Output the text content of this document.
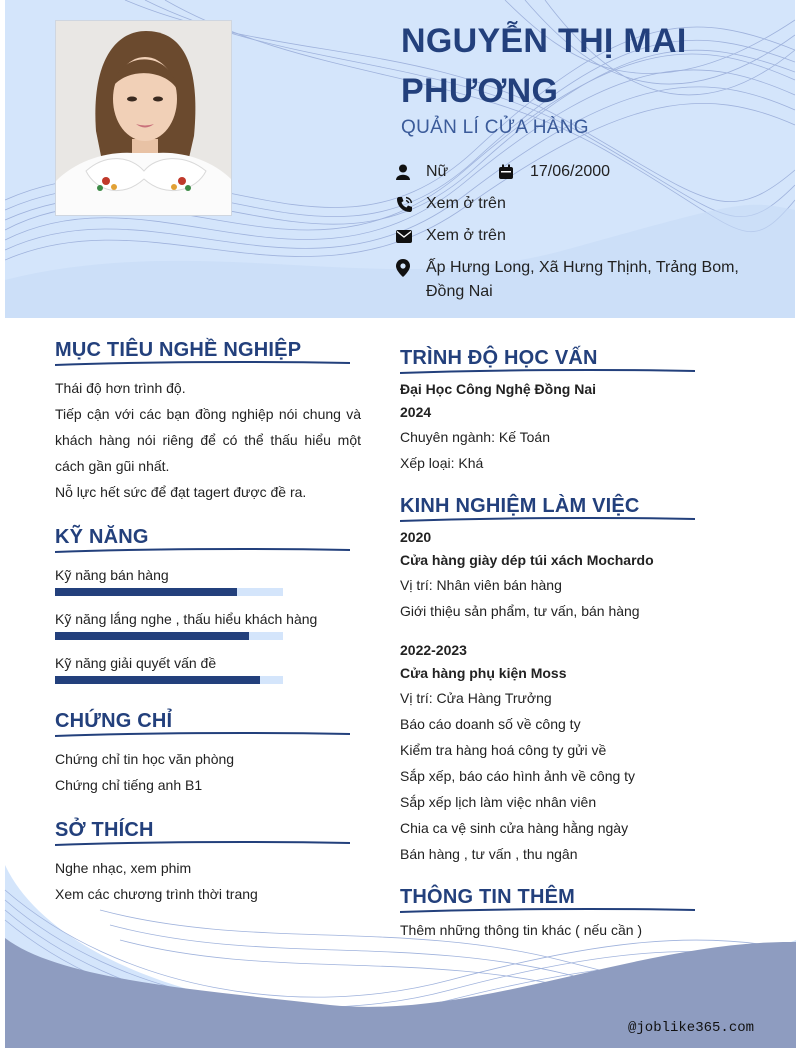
NGUYỄN THỊ MAI PHƯƠNG
QUẢN LÍ CỬA HÀNG
Nữ	17/06/2000
Xem ở trên
Xem ở trên
Ấp Hưng Long, Xã Hưng Thịnh, Trảng Bom, Đồng Nai
MỤC TIÊU NGHỀ NGHIỆP
Thái độ hơn trình độ.
Tiếp cận với các bạn đồng nghiệp nói chung và khách hàng nói riêng để có thể thấu hiểu một cách gần gũi nhất.
Nỗ lực hết sức để đạt tagert được đề ra.
KỸ NĂNG
Kỹ năng bán hàng
Kỹ năng lắng nghe , thấu hiểu khách hàng
Kỹ năng giải quyết vấn đề
CHỨNG CHỈ
Chứng chỉ tin học văn phòng
Chứng chỉ tiếng anh B1
SỞ THÍCH
TRÌNH ĐỘ HỌC VẤN
Đại Học Công Nghệ Đồng Nai
2024
Chuyên ngành: Kế Toán
Xếp loại: Khá
KINH NGHIỆM LÀM VIỆC
2020
Cửa hàng giày dép túi xách Mochardo
Vị trí: Nhân viên bán hàng
Giới thiệu sản phẩm, tư vấn, bán hàng
2022-2023
Cửa hàng phụ kiện Moss
Vị trí: Cửa Hàng Trưởng
Báo cáo doanh số về công ty
Kiểm tra hàng hoá công ty gửi về
Sắp xếp, báo cáo hình ảnh về công ty
Sắp xếp lịch làm việc nhân viên
Chia ca vệ sinh cửa hàng hằng ngày
Bán hàng , tư vấn , thu ngân
Nghe nhạc, xem phim
Xem các chương trình thời trang	THÔNG TIN THÊM
Thêm những thông tin khác ( nếu cần )
@joblike365.com
